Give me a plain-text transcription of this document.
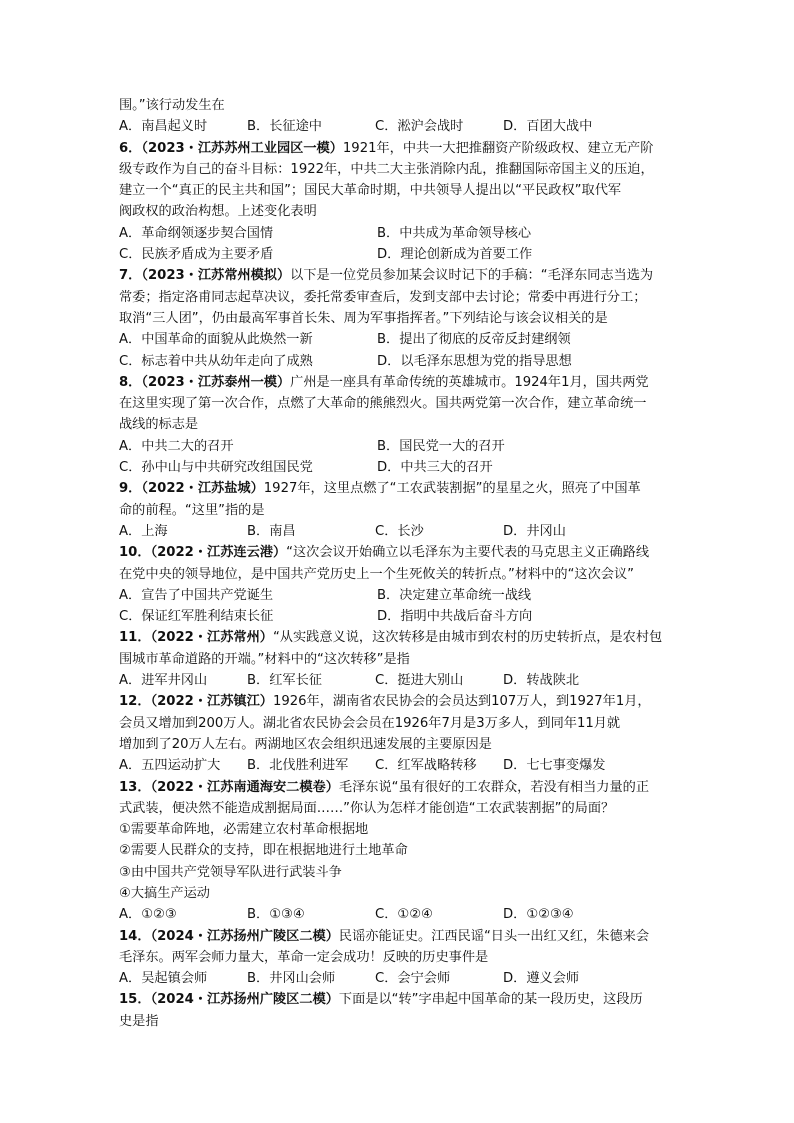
围。”该行动发生在
A．南昌起义时	B．长征途中	C．淞沪会战时	D．百团大战中
6．（2023・江苏苏州工业园区一模）1921年，中共一大把推翻资产阶级政权、建立无产阶
级专政作为自己的奋斗目标：1922年，中共二大主张消除内乱，推翻国际帝国主义的压迫，
建立一个“真正的民主共和国”；国民大革命时期，中共领导人提出以“平民政权”取代军
阀政权的政治构想。上述变化表明
A．革命纲领逐步契合国情	B．中共成为革命领导核心
C．民族矛盾成为主要矛盾	D．理论创新成为首要工作
7．（2023・江苏常州模拟）以下是一位党员参加某会议时记下的手稿：“毛泽东同志当选为
常委；指定洛甫同志起草决议，委托常委审查后，发到支部中去讨论；常委中再进行分工；
取消“三人团”，仍由最高军事首长朱、周为军事指挥者。”下列结论与该会议相关的是
A．中国革命的面貌从此焕然一新	B．提出了彻底的反帝反封建纲领
C．标志着中共从幼年走向了成熟	D．以毛泽东思想为党的指导思想
8．（2023・江苏泰州一模）广州是一座具有革命传统的英雄城市。1924年1月，国共两党
在这里实现了第一次合作，点燃了大革命的熊熊烈火。国共两党第一次合作，建立革命统一
战线的标志是
A．中共二大的召开	B．国民党一大的召开
C．孙中山与中共研究改组国民党	D．中共三大的召开
9．（2022・江苏盐城）1927年，这里点燃了“工农武装割据”的星星之火，照亮了中国革
命的前程。“这里”指的是
A．上海	B．南昌	C．长沙	D．井冈山
10．（2022・江苏连云港）“这次会议开始确立以毛泽东为主要代表的马克思主义正确路线
在党中央的领导地位，是中国共产党历史上一个生死攸关的转折点。”材料中的“这次会议”
A．宣告了中国共产党诞生	B．决定建立革命统一战线
C．保证红军胜利结束长征	D．指明中共战后奋斗方向
11．（2022・江苏常州）“从实践意义说，这次转移是由城市到农村的历史转折点，是农村包
围城市革命道路的开端。”材料中的“这次转移”是指
A．进军井冈山	B．红军长征	C．挺进大别山	D．转战陕北
12．（2022・江苏镇江）1926年，湖南省农民协会的会员达到107万人，到1927年1月，
会员又增加到200万人。湖北省农民协会会员在1926年7月是3万多人，到同年11月就
增加到了20万人左右。两湖地区农会组织迅速发展的主要原因是
A．五四运动扩大	B．北伐胜利进军	C．红军战略转移	D．七七事变爆发
13．（2022・江苏南通海安二模卷）毛泽东说“虽有很好的工农群众，若没有相当力量的正
式武装，便决然不能造成割据局面……”你认为怎样才能创造“工农武装割据”的局面？
①需要革命阵地，必需建立农村革命根据地
②需要人民群众的支持，即在根据地进行土地革命
③由中国共产党领导军队进行武装斗争
④大搞生产运动
A．①②③	B．①③④	C．①②④	D．①②③④
14．（2024・江苏扬州广陵区二模）民谣亦能证史。江西民谣“日头一出红又红，朱德来会
毛泽东。两军会师力量大，革命一定会成功！反映的历史事件是
A．吴起镇会师	B．井冈山会师	C．会宁会师	D．遵义会师
15．（2024・江苏扬州广陵区二模）下面是以“转”字串起中国革命的某一段历史，这段历
史是指
